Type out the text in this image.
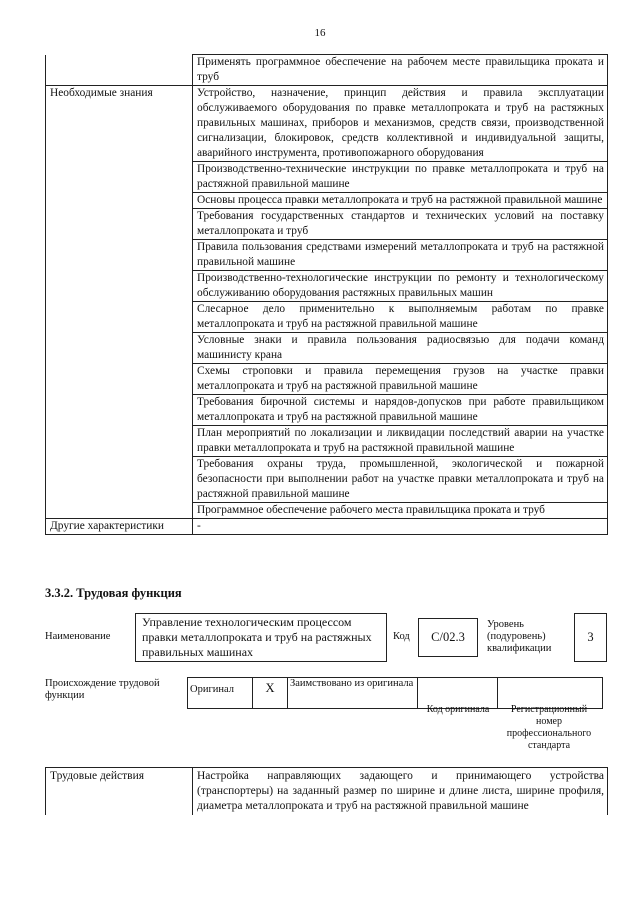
16
	Применять программное обеспечение на рабочем месте правильщика проката и труб
Необходимые знания	Устройство, назначение, принцип действия и правила эксплуатации обслуживаемого оборудования по правке металлопроката и труб на растяжных правильных машинах, приборов и механизмов, средств связи, производственной сигнализации, блокировок, средств коллективной и индивидуальной защиты, аварийного инструмента, противопожарного оборудования
	Производственно-технические инструкции по правке металлопроката и труб на растяжной правильной машине
	Основы процесса правки металлопроката и труб на растяжной правильной машине
	Требования государственных стандартов и технических условий на поставку металлопроката и труб
	Правила пользования средствами измерений металлопроката и труб на растяжной правильной машине
	Производственно-технологические инструкции по ремонту и технологическому обслуживанию оборудования растяжных правильных машин
	Слесарное дело применительно к выполняемым работам по правке металлопроката и труб на растяжной правильной машине
	Условные знаки и правила пользования радиосвязью для подачи команд машинисту крана
	Схемы строповки и правила перемещения грузов на участке правки металлопроката и труб на растяжной правильной машине
	Требования бирочной системы и нарядов-допусков при работе правильщиком металлопроката и труб на растяжной правильной машине
	План мероприятий по локализации и ликвидации последствий аварии на участке правки металлопроката и труб на растяжной правильной машине
	Требования охраны труда, промышленной, экологической и пожарной безопасности при выполнении работ на участке правки металлопроката и труб на растяжной правильной машине
	Программное обеспечение рабочего места правильщика проката и труб
Другие характеристики	-
3.3.2. Трудовая функция
Наименование
Управление технологическим процессом правки металлопроката и труб на растяжных правильных машинах
Код	C/02.3
Уровень (подуровень) квалификации
3
Происхождение трудовой функции
Оригинал	X	Заимствовано из оригинала		
Код оригинала	Регистрационный номер профессионального стандарта
Трудовые действия	Настройка направляющих задающего и принимающего устройства (транспортеры) на заданный размер по ширине и длине листа, ширине профиля, диаметра металлопроката и труб на растяжной правильной машине
